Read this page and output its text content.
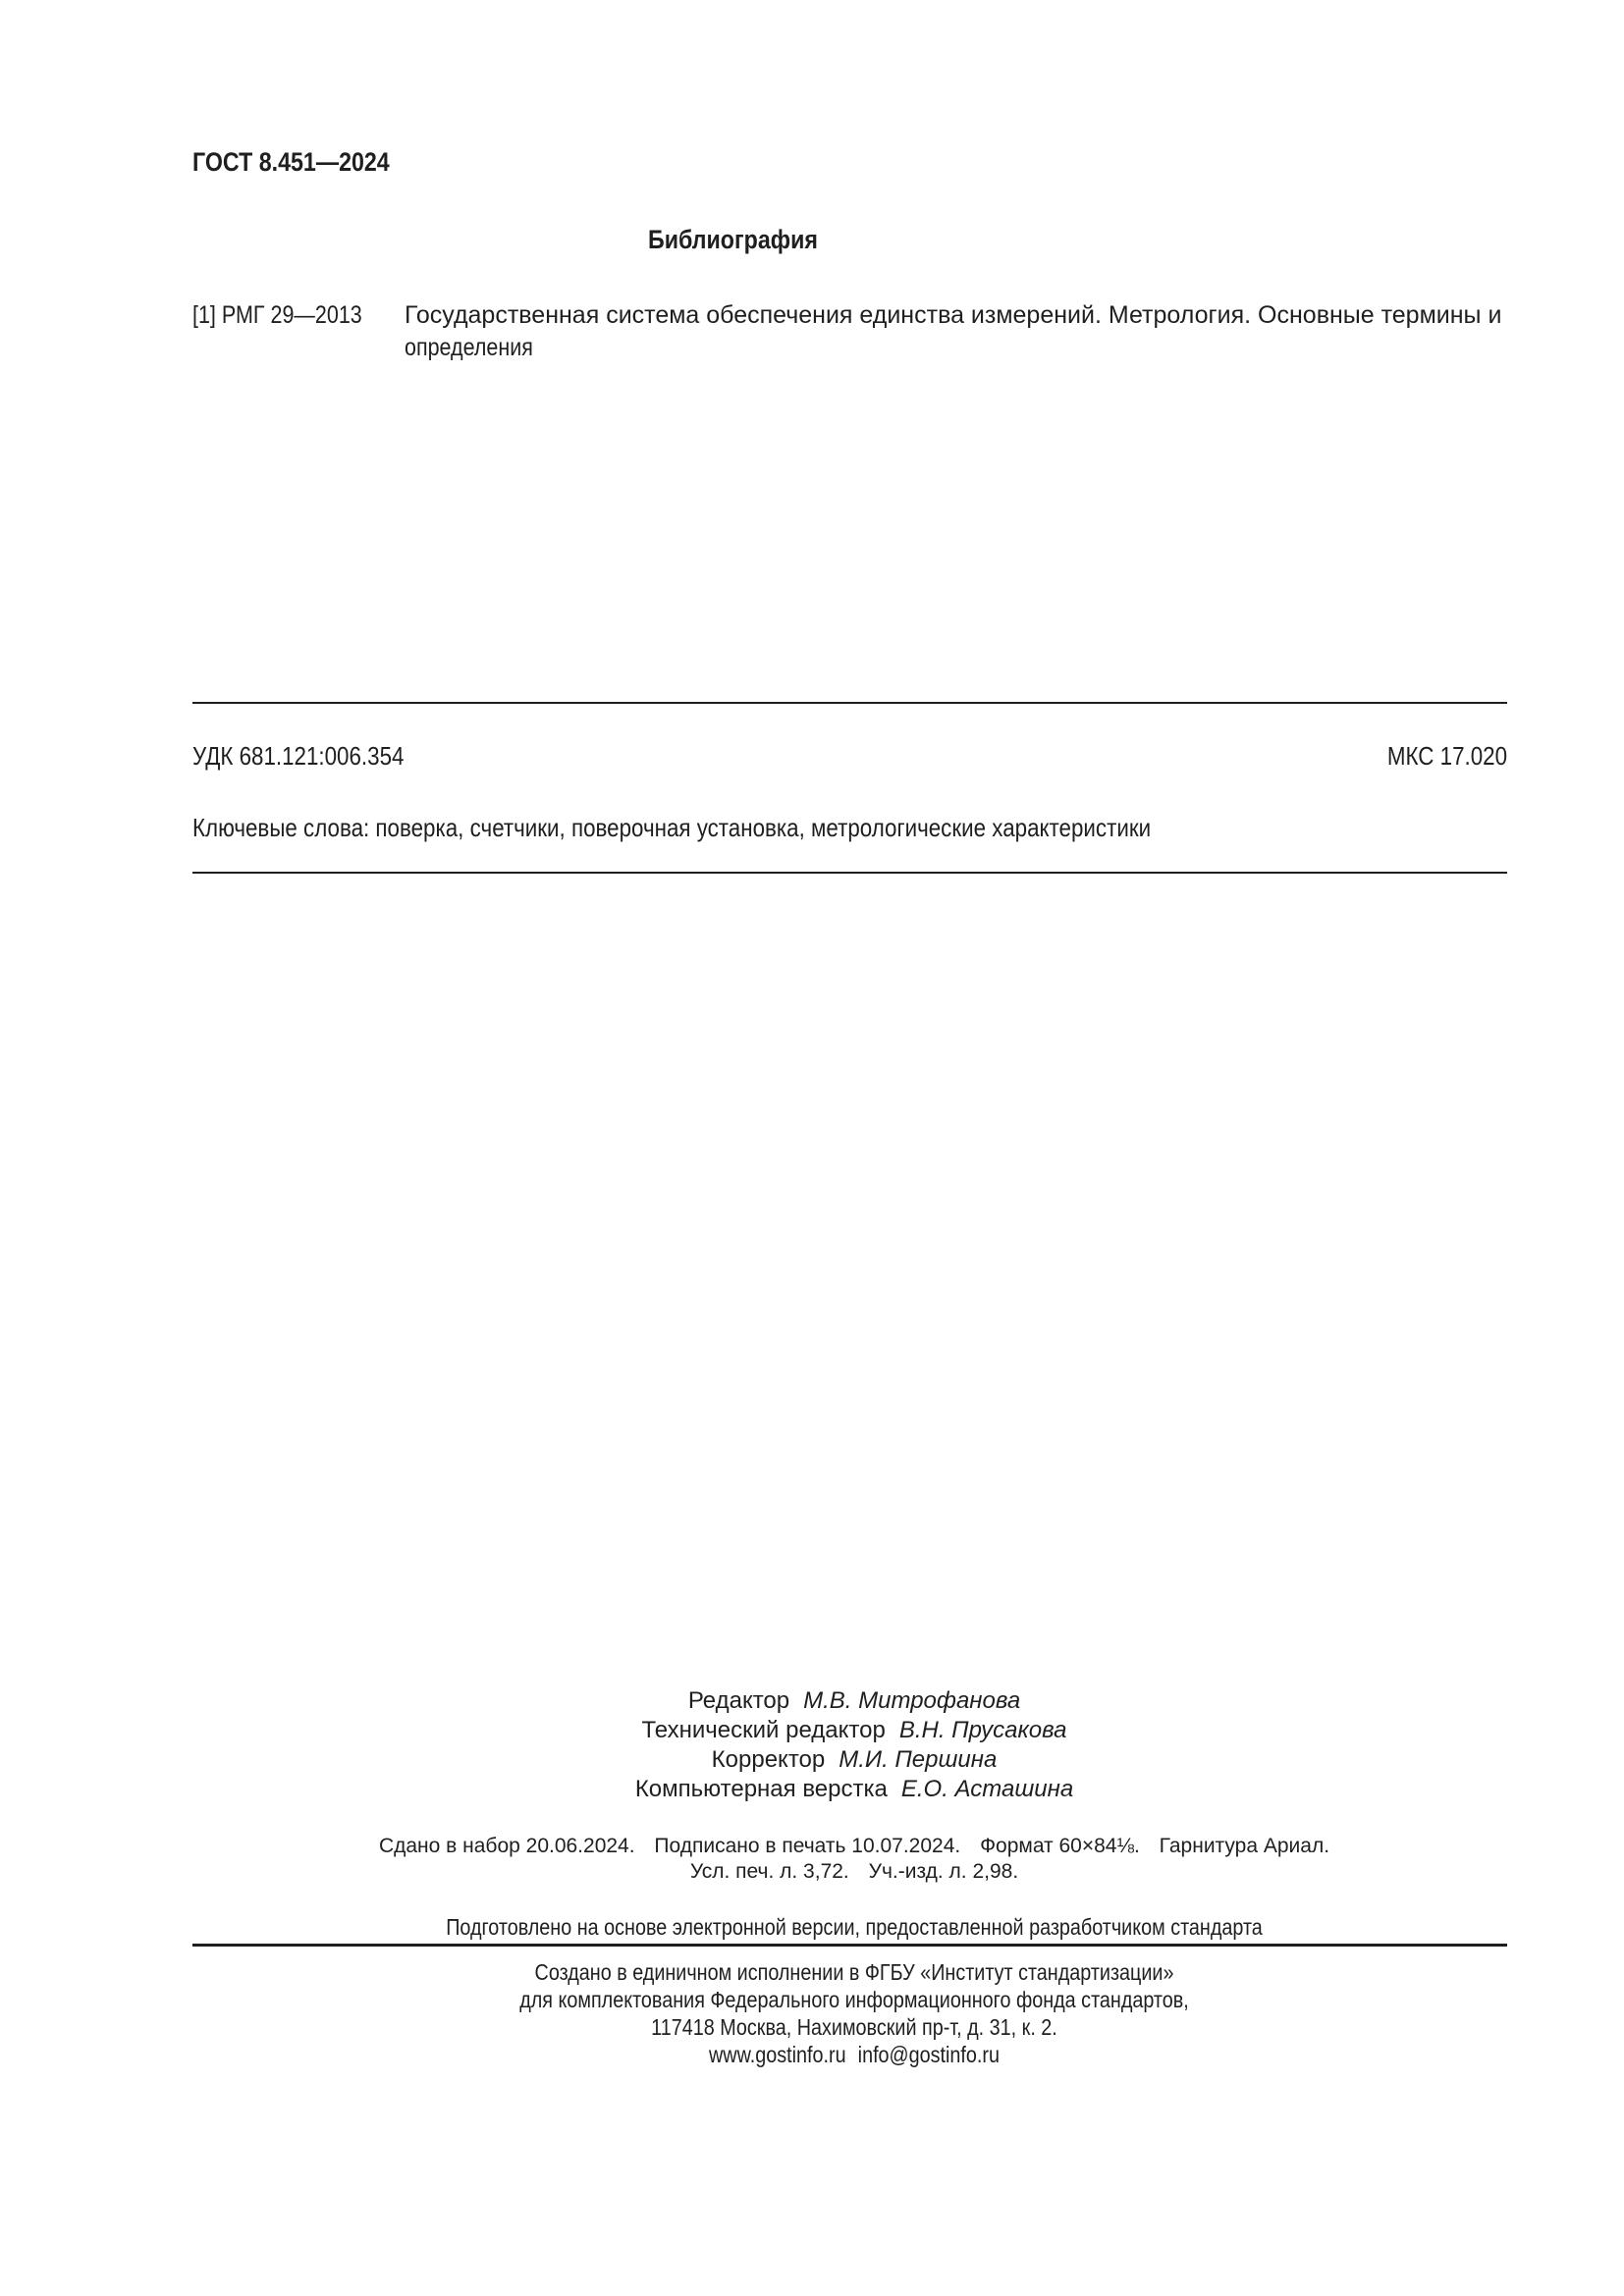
ГОСТ 8.451—2024
Библиография
[1] РМГ 29—2013 Государственная система обеспечения единства измерений. Метрология. Основные термины и
определения
УДК 681.121:006.354	МКС 17.020
Ключевые слова: поверка, счетчики, поверочная установка, метрологические характеристики
Редактор М.В. Митрофанова
Технический редактор В.Н. Прусакова
Корректор М.И. Першина
Компьютерная верстка Е.О. Асташина
Сдано в набор 20.06.2024. Подписано в печать 10.07.2024. Формат 60×84⅛. Гарнитура Ариал.
Усл. печ. л. 3,72. Уч.-изд. л. 2,98.
Подготовлено на основе электронной версии, предоставленной разработчиком стандарта
Создано в единичном исполнении в ФГБУ «Институт стандартизации»
для комплектования Федерального информационного фонда стандартов,
117418 Москва, Нахимовский пр-т, д. 31, к. 2.
www.gostinfo.ru info@gostinfo.ru
